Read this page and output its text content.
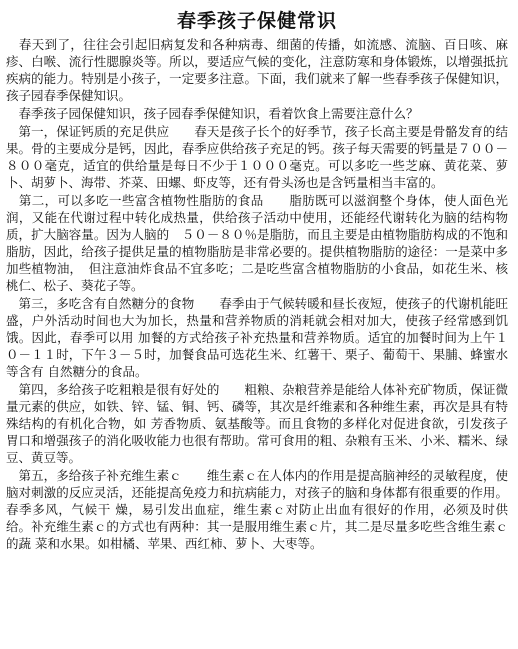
春季孩子保健常识

　春天到了，往往会引起旧病复发和各种病毒、细菌的传播，如流感、流脑、百日咳、麻疹、白喉、流行性腮腺炎等。所以，要适应气候的变化，注意防寒和身体锻炼，以增强抵抗疾病的能力。特别是小孩子，一定要多注意。下面，我们就来了解一些春季孩子保健知识，孩子园春季保健知识。

　春季孩子园保健知识，孩子园春季保健知识，看着饮食上需要注意什么？

　第一，保证钙质的充足供应　　春天是孩子长个的好季节，孩子长高主要是骨骼发育的结果。骨的主要成分是钙，因此，春季应供给孩子充足的钙。孩子每天需要的钙量是７００－８００毫克，适宜的供给量是每日不少于１０００毫克。可以多吃一些芝麻、黄花菜、萝卜、胡萝卜、海带、芥菜、田螺、虾皮等，还有骨头汤也是含钙量相当丰富的。

　第二，可以多吃一些富含植物性脂肪的食品　　脂肪既可以滋润整个身体，使人面色光润，又能在代谢过程中转化成热量，供给孩子活动中使用，还能经代谢转化为脑的结构物质，扩大脑容量。因为人脑的　５０－８０％是脂肪，而且主要是由植物脂肪构成的不饱和脂肪，因此，给孩子提供足量的植物脂肪是非常必要的。提供植物脂肪的途径：一是菜中多加些植物油，　但注意油炸食品不宜多吃；二是吃些富含植物脂肪的小食品，如花生米、核桃仁、松子、葵花子等。

　第三，多吃含有自然糖分的食物　　春季由于气候转暖和昼长夜短，使孩子的代谢机能旺盛，户外活动时间也大为加长，热量和营养物质的消耗就会相对加大，使孩子经常感到饥饿。因此，春季可以用 加餐的方式给孩子补充热量和营养物质。适宜的加餐时间为上午１０－１１时，下午３－５时，加餐食品可选花生米、红薯干、栗子、葡萄干、果脯、蜂蜜水等含有 自然糖分的食品。

　第四，多给孩子吃粗粮是很有好处的　　粗粮、杂粮营养是能给人体补充矿物质，保证微量元素的供应，如铁、锌、锰、铜、钙、磷等，其次是纤维素和各种维生素，再次是具有特殊结构的有机化合物，如 芳香物质、氨基酸等。而且食物的多样化对促进食欲，引发孩子胃口和增强孩子的消化吸收能力也很有帮助。常可食用的粗、杂粮有玉米、小米、糯米、绿豆、黄豆等。

　第五，多给孩子补充维生素ｃ　　维生素ｃ在人体内的作用是提高脑神经的灵敏程度，使脑对刺激的反应灵活，还能提高免疫力和抗病能力，对孩子的脑和身体都有很重要的作用。春季多风，气候干 燥，易引发出血症，维生素ｃ对防止出血有很好的作用，必须及时供给。补充维生素ｃ的方式也有两种：其一是服用维生素ｃ片，其二是尽量多吃些含维生素ｃ的蔬 菜和水果。如柑橘、苹果、西红柿、萝卜、大枣等。
